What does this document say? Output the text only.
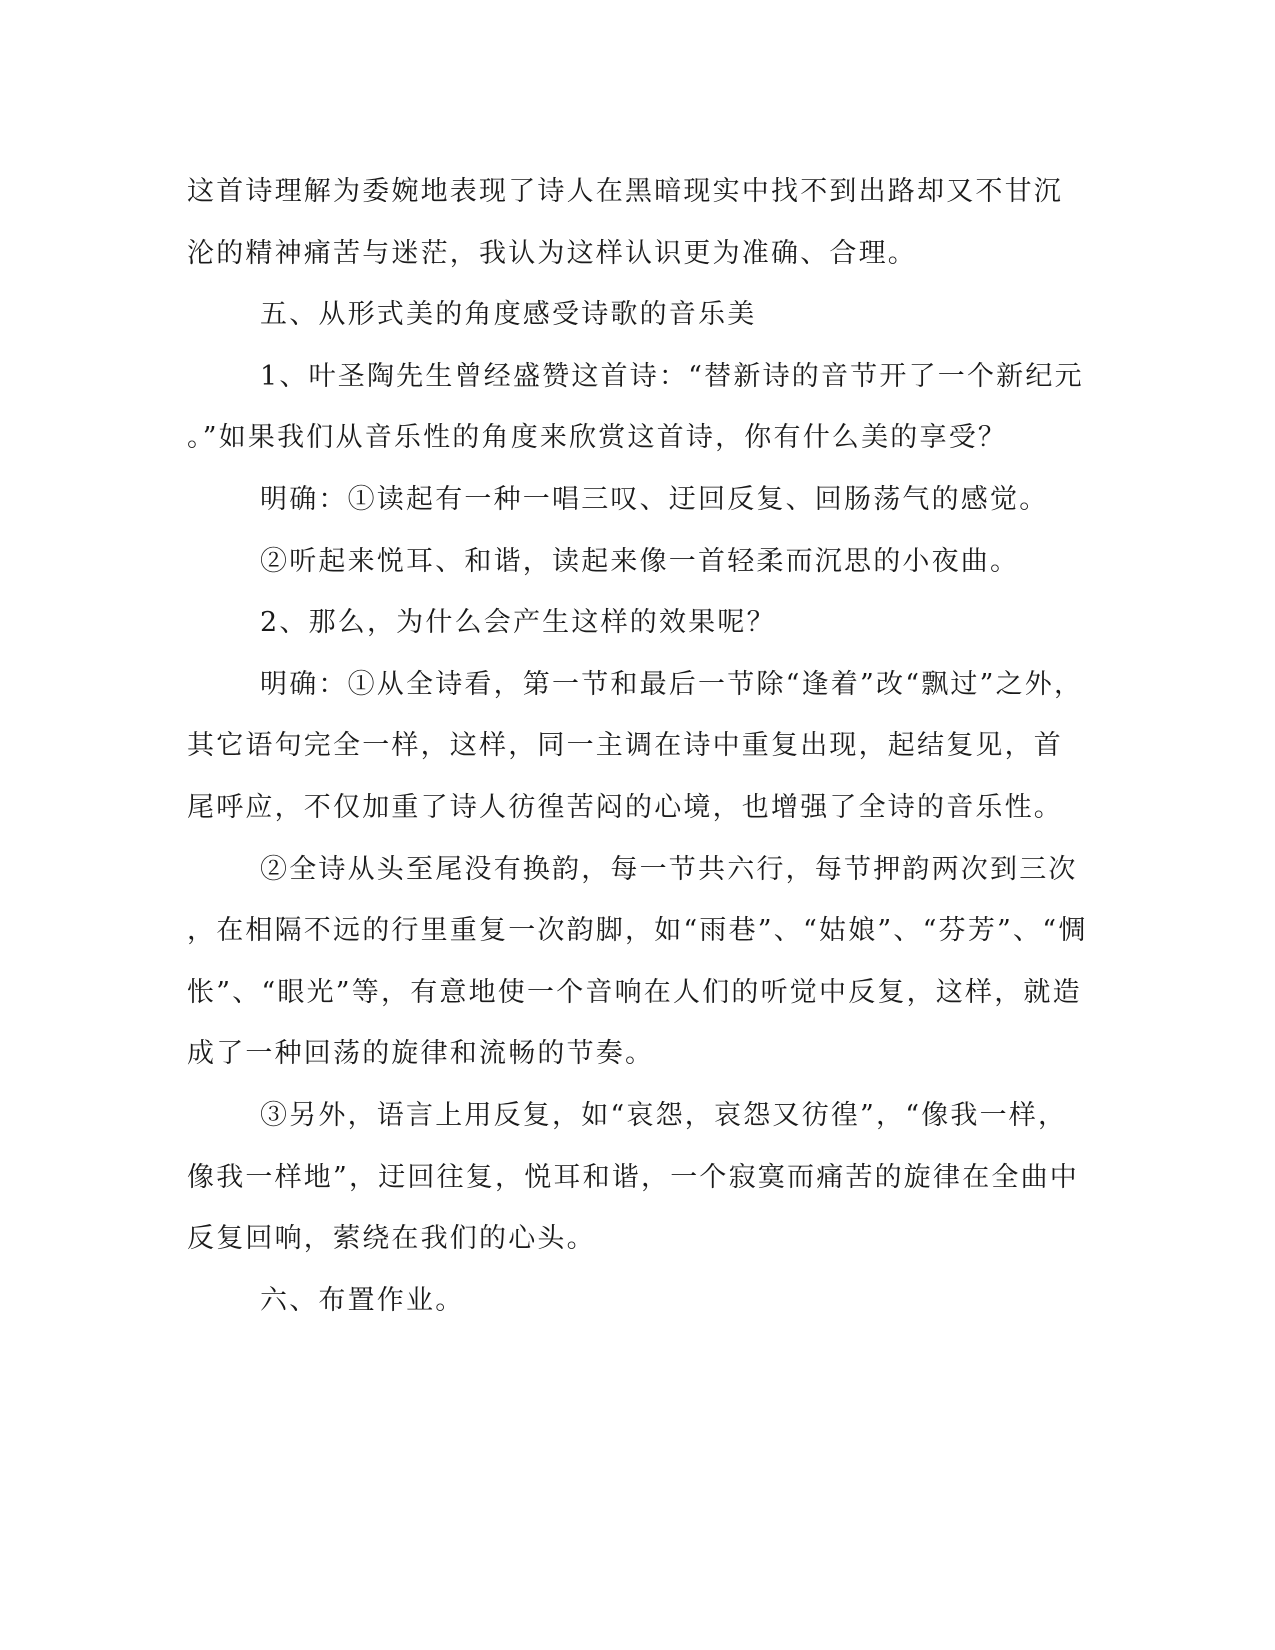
这首诗理解为委婉地表现了诗人在黑暗现实中找不到出路却又不甘沉
沦的精神痛苦与迷茫，我认为这样认识更为准确、合理。
五、从形式美的角度感受诗歌的音乐美
1、叶圣陶先生曾经盛赞这首诗：“替新诗的音节开了一个新纪元
。”如果我们从音乐性的角度来欣赏这首诗，你有什么美的享受？
明确：①读起有一种一唱三叹、迂回反复、回肠荡气的感觉。
②听起来悦耳、和谐，读起来像一首轻柔而沉思的小夜曲。
2、那么，为什么会产生这样的效果呢？
明确：①从全诗看，第一节和最后一节除“逢着”改“飘过”之外，
其它语句完全一样，这样，同一主调在诗中重复出现，起结复见，首
尾呼应，不仅加重了诗人彷徨苦闷的心境，也增强了全诗的音乐性。
②全诗从头至尾没有换韵，每一节共六行，每节押韵两次到三次
，在相隔不远的行里重复一次韵脚，如“雨巷”、“姑娘”、“芬芳”、“惆
怅”、“眼光”等，有意地使一个音响在人们的听觉中反复，这样，就造
成了一种回荡的旋律和流畅的节奏。
③另外，语言上用反复，如“哀怨，哀怨又彷徨”，“像我一样，
像我一样地”，迂回往复，悦耳和谐，一个寂寞而痛苦的旋律在全曲中
反复回响，萦绕在我们的心头。
六、布置作业。
